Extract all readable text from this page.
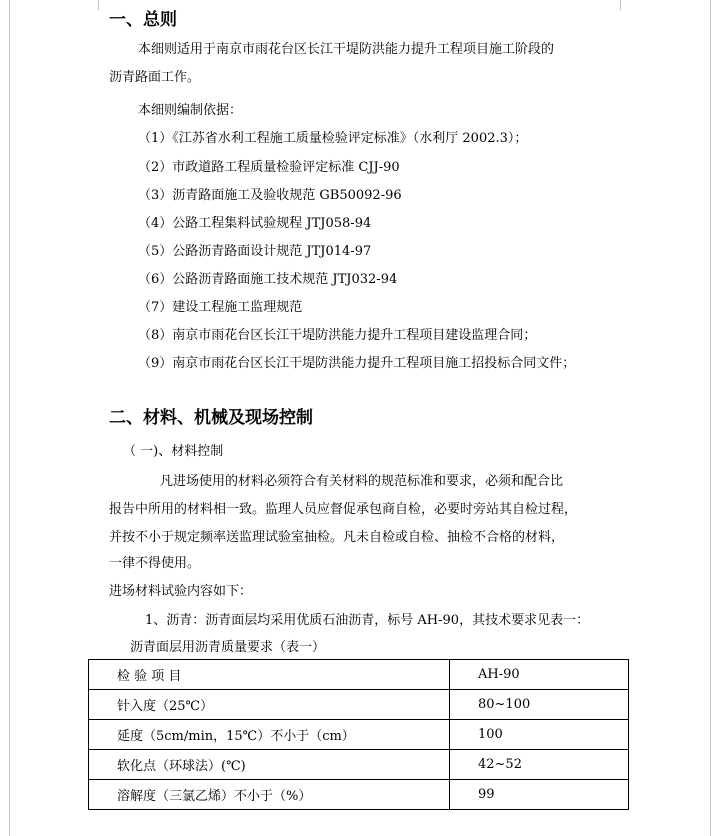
一、总则
本细则适用于南京市雨花台区长江干堤防洪能力提升工程项目施工阶段的
沥青路面工作。
本细则编制依据：
（1）《江苏省水利工程施工质量检验评定标准》（水利厅 2002.3）；
（2）市政道路工程质量检验评定标准 CJJ-90
（3）沥青路面施工及验收规范 GB50092-96
（4）公路工程集料试验规程 JTJ058-94
（5）公路沥青路面设计规范 JTJ014-97
（6）公路沥青路面施工技术规范 JTJ032-94
（7）建设工程施工监理规范
（8）南京市雨花台区长江干堤防洪能力提升工程项目建设监理合同；
（9）南京市雨花台区长江干堤防洪能力提升工程项目施工招投标合同文件；
二、材料、机械及现场控制
（ 一)、材料控制
凡进场使用的材料必须符合有关材料的规范标准和要求，必须和配合比
报告中所用的材料相一致。监理人员应督促承包商自检，必要时旁站其自检过程，
并按不小于规定频率送监理试验室抽检。凡未自检或自检、抽检不合格的材料，
一律不得使用。
进场材料试验内容如下：
1、沥青：沥青面层均采用优质石油沥青，标号 AH-90，其技术要求见表一：
沥青面层用沥青质量要求（表一）
检 验 项 目	AH-90
针入度（25℃）	80~100
延度（5cm/min，15℃）不小于（cm）	100
软化点（环球法）(℃)	42~52
溶解度（三氯乙烯）不小于（%）	99
